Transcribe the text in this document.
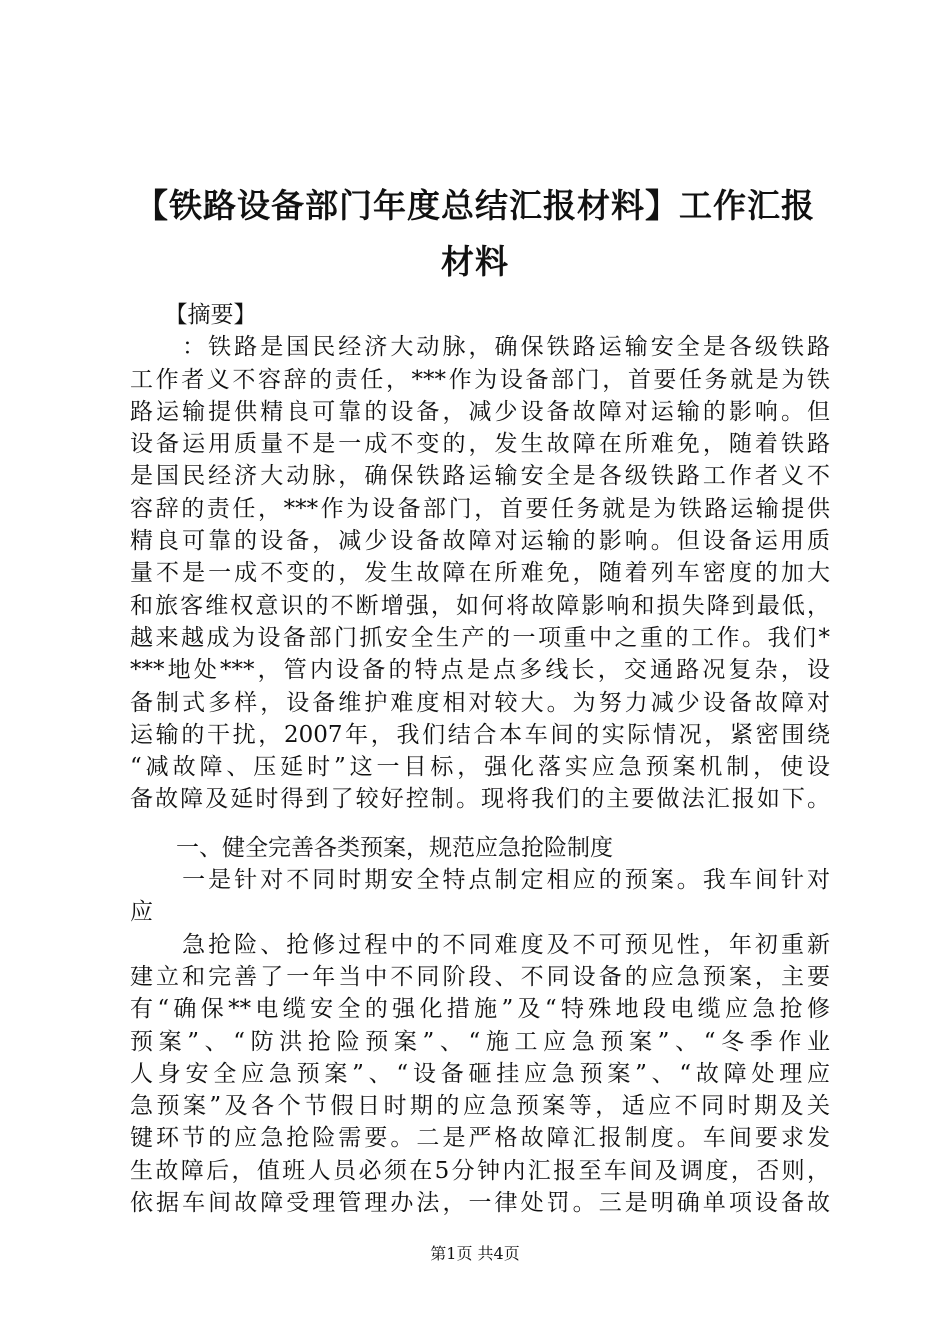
【铁路设备部门年度总结汇报材料】工作汇报
材料
　　【摘要】
　　：铁路是国民经济大动脉，确保铁路运输安全是各级铁路
工作者义不容辞的责任，***作为设备部门，首要任务就是为铁
路运输提供精良可靠的设备，减少设备故障对运输的影响。但
设备运用质量不是一成不变的，发生故障在所难免，随着铁路
是国民经济大动脉，确保铁路运输安全是各级铁路工作者义不
容辞的责任，***作为设备部门，首要任务就是为铁路运输提供
精良可靠的设备，减少设备故障对运输的影响。但设备运用质
量不是一成不变的，发生故障在所难免，随着列车密度的加大
和旅客维权意识的不断增强，如何将故障影响和损失降到最低，
越来越成为设备部门抓安全生产的一项重中之重的工作。我们*
***地处***，管内设备的特点是点多线长，交通路况复杂，设
备制式多样，设备维护难度相对较大。为努力减少设备故障对
运输的干扰，2007年，我们结合本车间的实际情况，紧密围绕
“减故障、压延时”这一目标，强化落实应急预案机制，使设
备故障及延时得到了较好控制。现将我们的主要做法汇报如下。
　　一、健全完善各类预案，规范应急抢险制度
　　一是针对不同时期安全特点制定相应的预案。我车间针对
应
　　急抢险、抢修过程中的不同难度及不可预见性，年初重新
建立和完善了一年当中不同阶段、不同设备的应急预案，主要
有“确保**电缆安全的强化措施”及“特殊地段电缆应急抢修
预案”、“防洪抢险预案”、“施工应急预案”、“冬季作业
人身安全应急预案”、“设备砸挂应急预案”、“故障处理应
急预案”及各个节假日时期的应急预案等，适应不同时期及关
键环节的应急抢险需要。二是严格故障汇报制度。车间要求发
生故障后，值班人员必须在5分钟内汇报至车间及调度，否则，
依据车间故障受理管理办法，一律处罚。三是明确单项设备故
第1页 共4页
